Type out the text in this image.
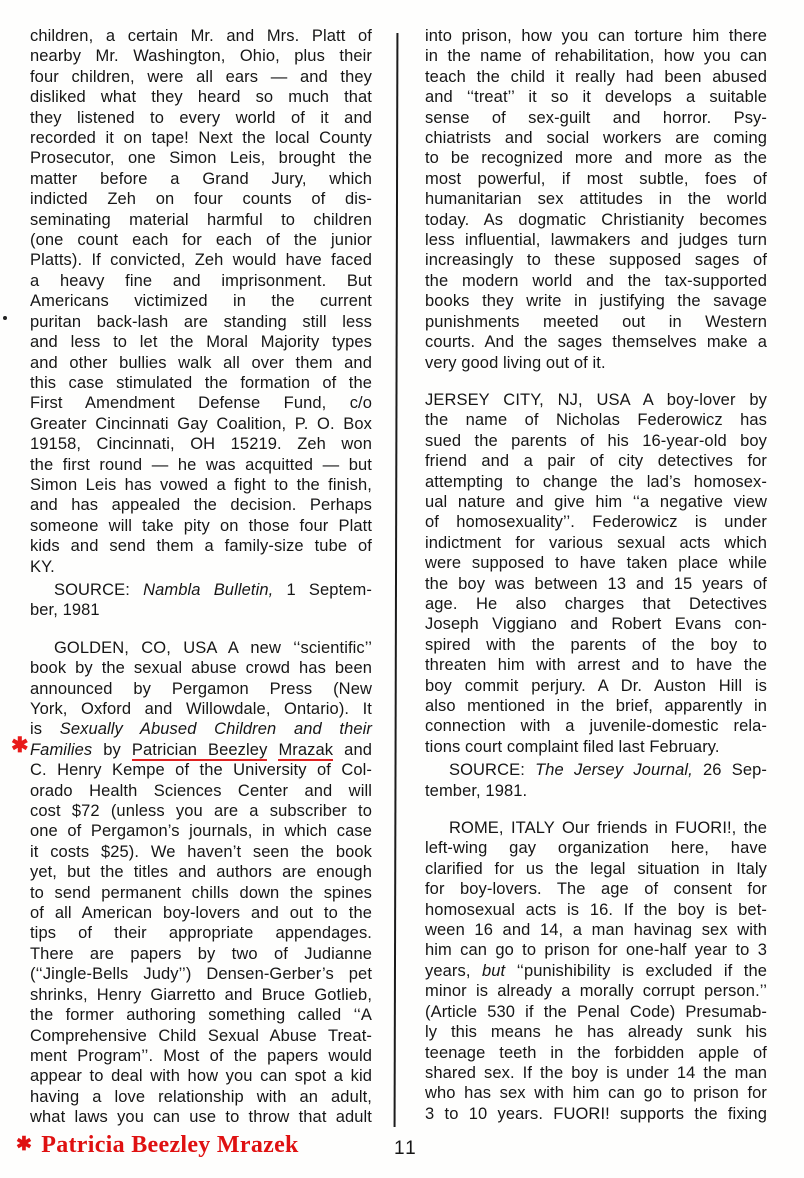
children, a certain Mr. and Mrs. Platt of
nearby Mr. Washington, Ohio, plus their
four children, were all ears — and they
disliked what they heard so much that
they listened to every world of it and
recorded it on tape! Next the local County
Prosecutor, one Simon Leis, brought the
matter before a Grand Jury, which
indicted Zeh on four counts of dis-
seminating material harmful to children
(one count each for each of the junior
Platts). If convicted, Zeh would have faced
a heavy fine and imprisonment. But
Americans victimized in the current
puritan back-lash are standing still less
and less to let the Moral Majority types
and other bullies walk all over them and
this case stimulated the formation of the
First Amendment Defense Fund, c/o
Greater Cincinnati Gay Coalition, P. O. Box
19158, Cincinnati, OH 15219. Zeh won
the first round — he was acquitted — but
Simon Leis has vowed a fight to the finish,
and has appealed the decision. Perhaps
someone will take pity on those four Platt
kids and send them a family-size tube of
KY.
SOURCE: Nambla Bulletin, 1 Septem-
ber, 1981
GOLDEN, CO, USA A new ‘‘scientific’’
book by the sexual abuse crowd has been
announced by Pergamon Press (New
York, Oxford and Willowdale, Ontario). It
is Sexually Abused Children and their
Families by Patrician Beezley Mrazak and
C. Henry Kempe of the University of Col-
orado Health Sciences Center and will
cost $72 (unless you are a subscriber to
one of Pergamon’s journals, in which case
it costs $25). We haven’t seen the book
yet, but the titles and authors are enough
to send permanent chills down the spines
of all American boy-lovers and out to the
tips of their appropriate appendages.
There are papers by two of Judianne
(‘‘Jingle-Bells Judy’’) Densen-Gerber’s pet
shrinks, Henry Giarretto and Bruce Gotlieb,
the former authoring something called ‘‘A
Comprehensive Child Sexual Abuse Treat-
ment Program’’. Most of the papers would
appear to deal with how you can spot a kid
having a love relationship with an adult,
what laws you can use to throw that adult
into prison, how you can torture him there
in the name of rehabilitation, how you can
teach the child it really had been abused
and ‘‘treat’’ it so it develops a suitable
sense of sex-guilt and horror. Psy-
chiatrists and social workers are coming
to be recognized more and more as the
most powerful, if most subtle, foes of
humanitarian sex attitudes in the world
today. As dogmatic Christianity becomes
less influential, lawmakers and judges turn
increasingly to these supposed sages of
the modern world and the tax-supported
books they write in justifying the savage
punishments meeted out in Western
courts. And the sages themselves make a
very good living out of it.
JERSEY CITY, NJ, USA A boy-lover by
the name of Nicholas Federowicz has
sued the parents of his 16-year-old boy
friend and a pair of city detectives for
attempting to change the lad’s homosex-
ual nature and give him ‘‘a negative view
of homosexuality’’. Federowicz is under
indictment for various sexual acts which
were supposed to have taken place while
the boy was between 13 and 15 years of
age. He also charges that Detectives
Joseph Viggiano and Robert Evans con-
spired with the parents of the boy to
threaten him with arrest and to have the
boy commit perjury. A Dr. Auston Hill is
also mentioned in the brief, apparently in
connection with a juvenile-domestic rela-
tions court complaint filed last February.
SOURCE: The Jersey Journal, 26 Sep-
tember, 1981.
ROME, ITALY Our friends in FUORI!, the
left-wing gay organization here, have
clarified for us the legal situation in Italy
for boy-lovers. The age of consent for
homosexual acts is 16. If the boy is bet-
ween 16 and 14, a man havinag sex with
him can go to prison for one-half year to 3
years, but ‘‘punishibility is excluded if the
minor is already a morally corrupt person.’’
(Article 530 if the Penal Code) Presumab-
ly this means he has already sunk his
teenage teeth in the forbidden apple of
shared sex. If the boy is under 14 the man
who has sex with him can go to prison for
3 to 10 years. FUORI! supports the fixing
✱
✱ Patricia Beezley Mrazek	11
